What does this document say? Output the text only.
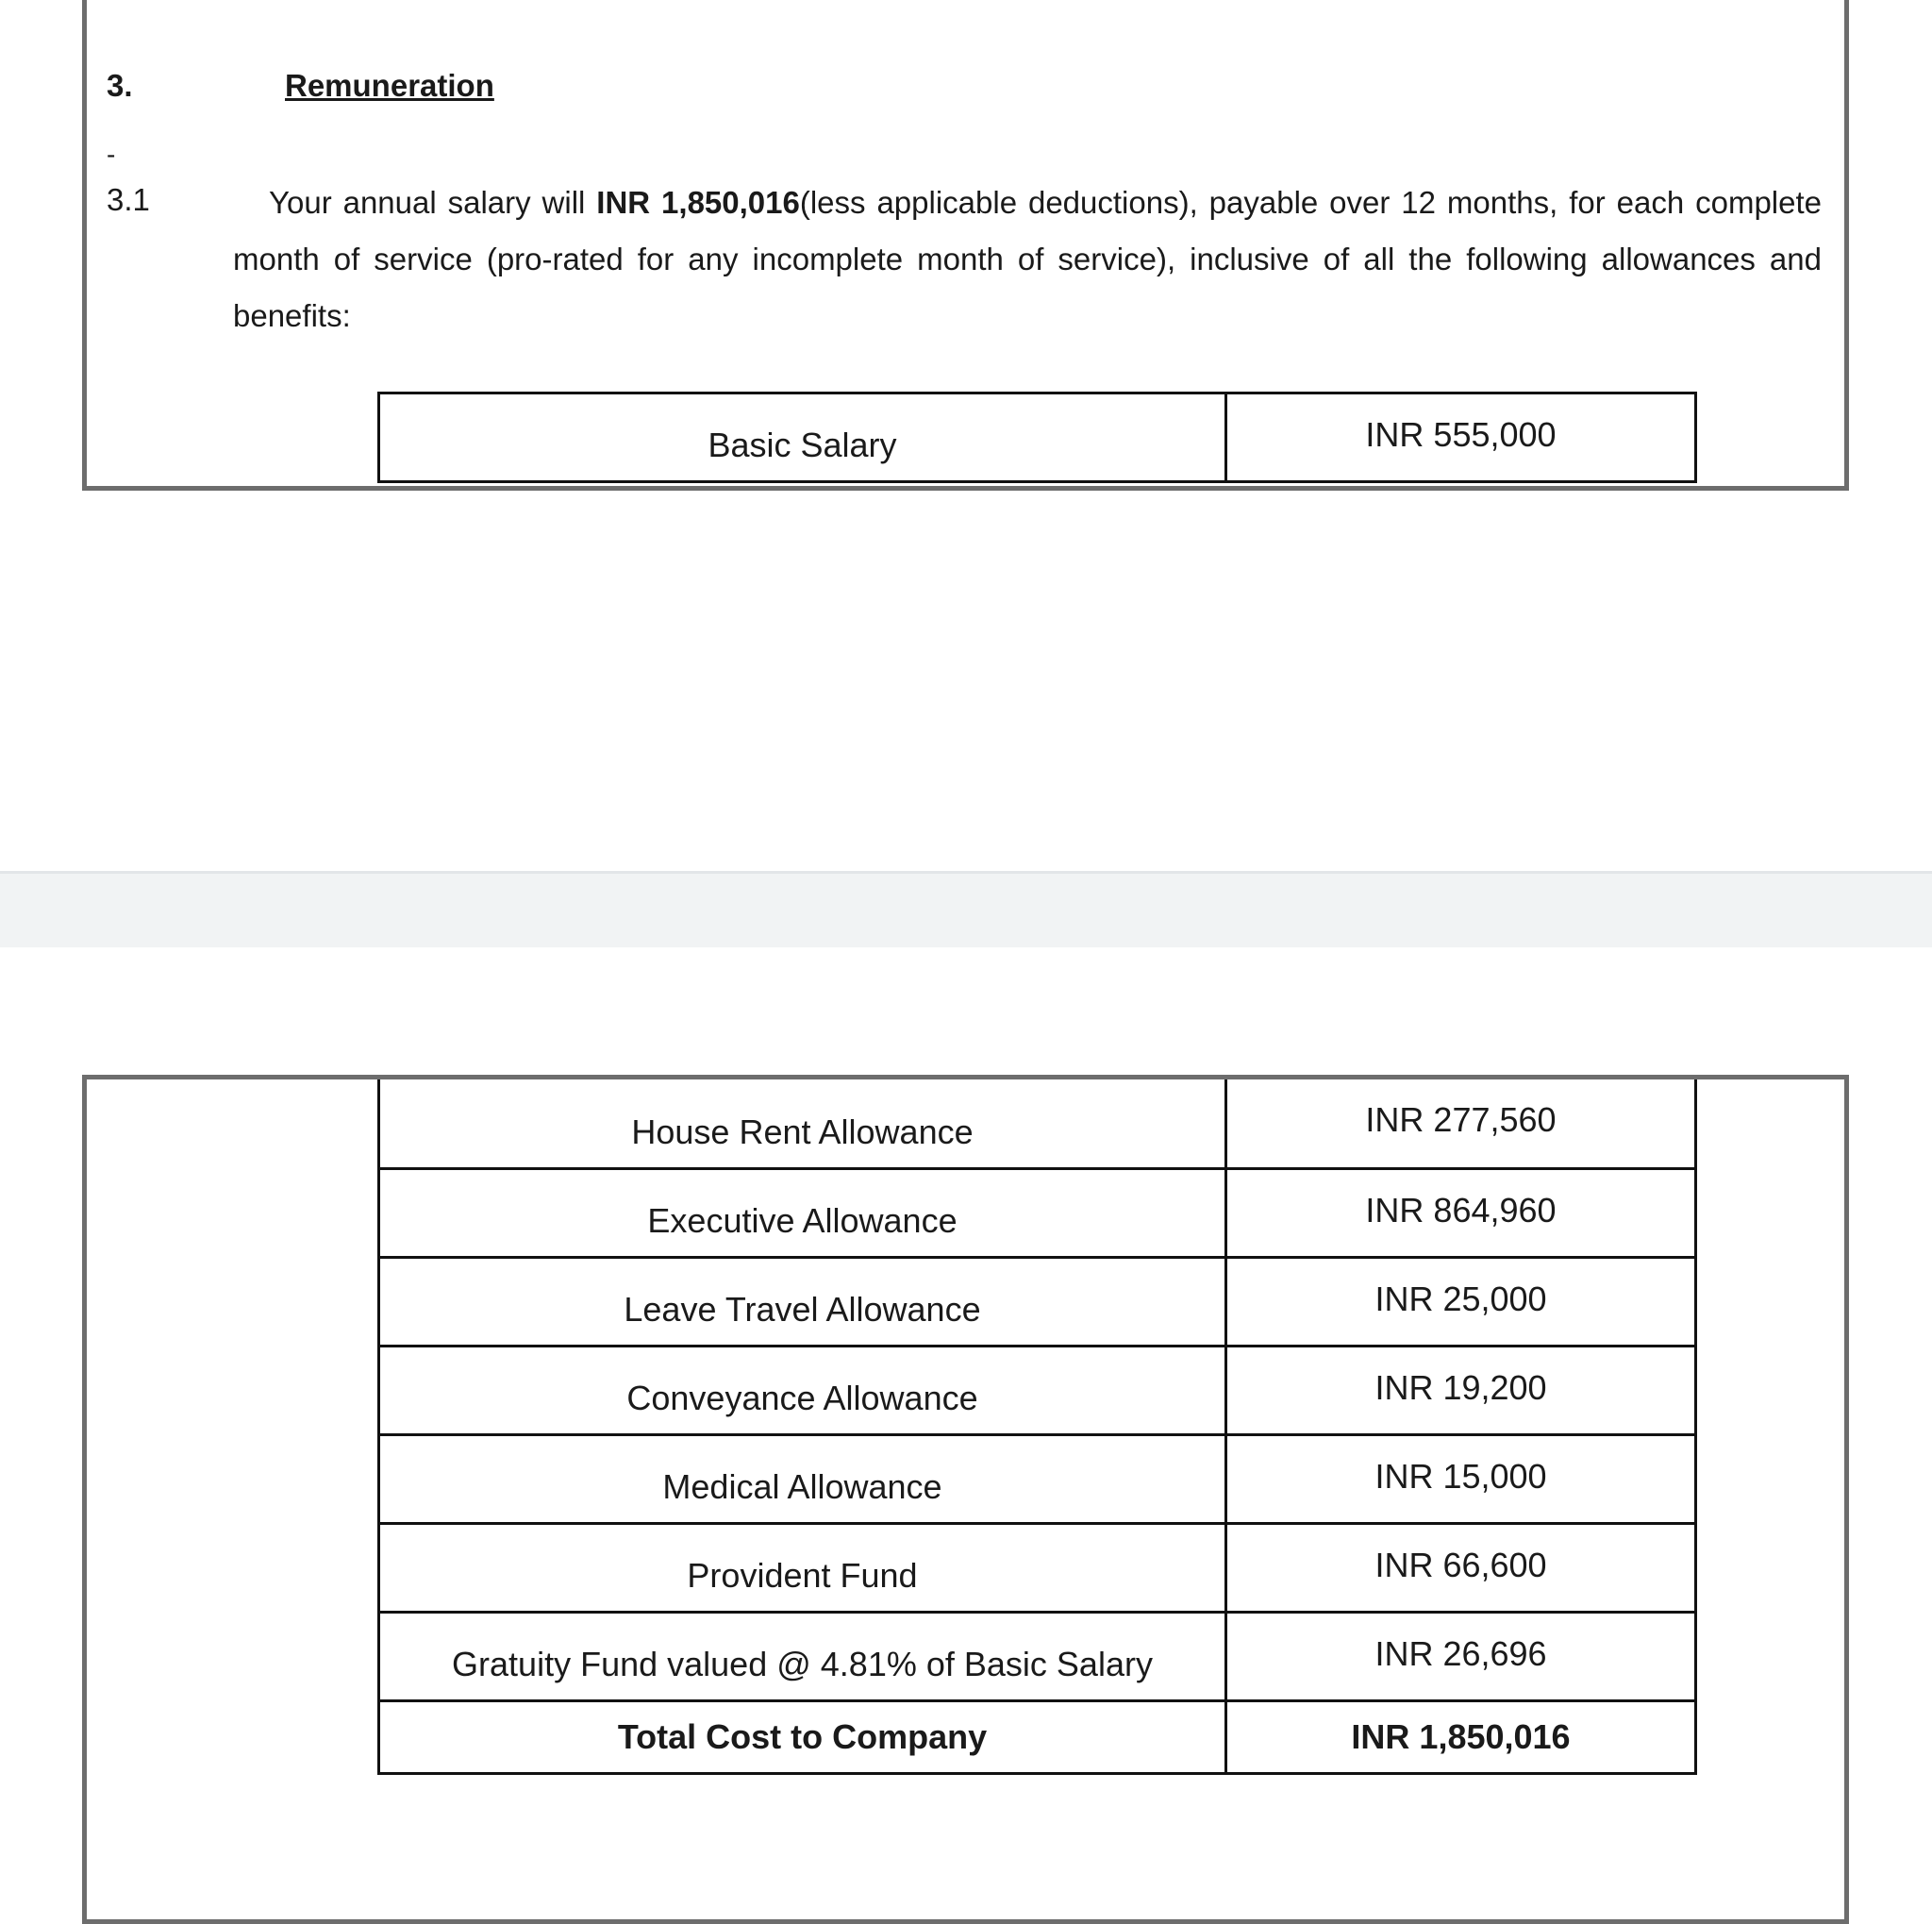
3.	Remuneration
-
3.1	Your annual salary will INR 1,850,016(less applicable deductions), payable over 12 months, for each complete month of service (pro-rated for any incomplete month of service), inclusive of all the following allowances and benefits:
Basic Salary	INR 555,000
House Rent Allowance	INR 277,560
Executive Allowance	INR 864,960
Leave Travel Allowance	INR 25,000
Conveyance Allowance	INR 19,200
Medical Allowance	INR 15,000
Provident Fund	INR 66,600
Gratuity Fund valued @ 4.81% of Basic Salary	INR 26,696
Total Cost to Company	INR 1,850,016
